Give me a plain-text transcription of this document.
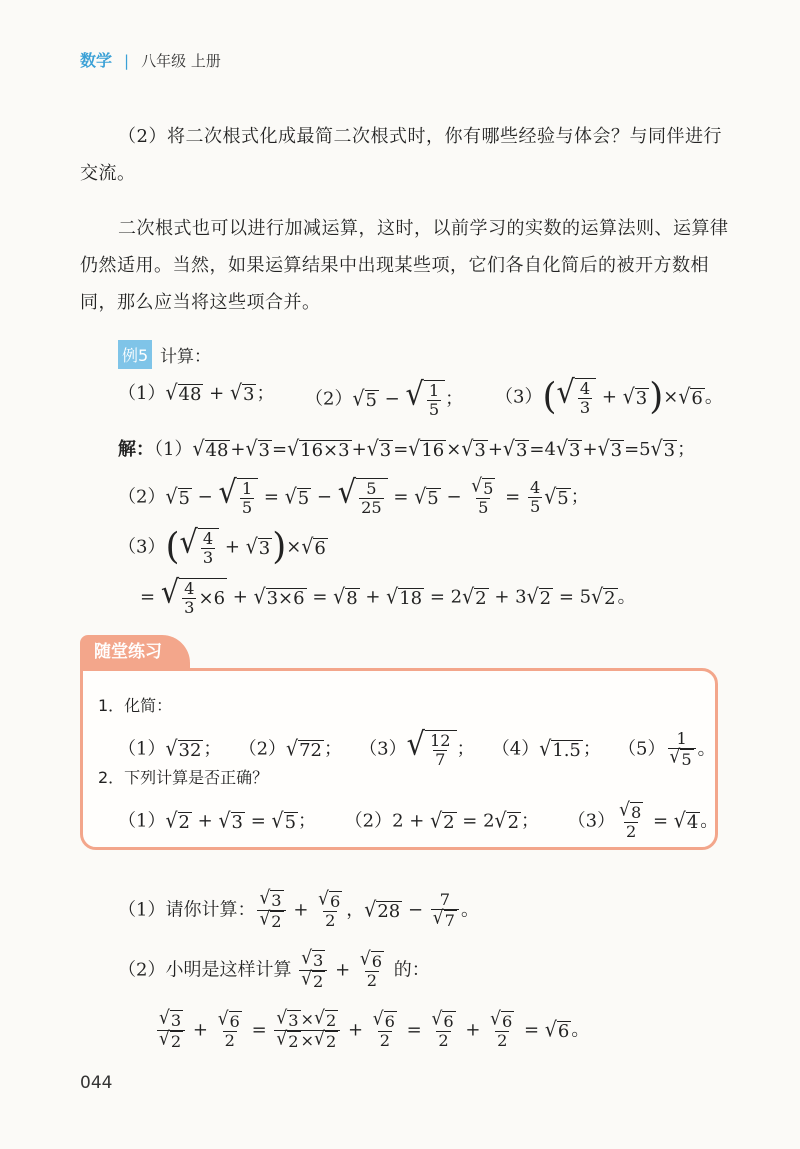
数学 | 八年级 上册
（2）将二次根式化成最简二次根式时，你有哪些经验与体会？与同伴进行交流。
二次根式也可以进行加减运算，这时，以前学习的实数的运算法则、运算律仍然适用。当然，如果运算结果中出现某些项，它们各自化简后的被开方数相同，那么应当将这些项合并。
例5 计算：
（1） √ 48 + √ 3 ； （2） √ 5 − √ $\frac{1}{5}$ ； （3）( √ $\frac{4}{3}$ + √ 3 )× √ 6 。
解：（1） √ 48 + √ 3 = √ 16×3 + √ 3 = √ 16 × √ 3 + √ 3 =4 √ 3 + √ 3 =5 √ 3 ；
（2） √ 5 − √ $\frac{1}{5}$ = √ 5 − √ $\frac{5}{25}$ = √ $5 - \frac{√ 5}{5} = \frac{4}{5}$ √ 5 ；
（3）( √ $\frac{4}{3}$ + √ 3 )× √ 6
= √ $\frac{4}{3} \times 6$ + √ 3×6 = √ 8 + √ 18 = 2 √ 2 + 3 √ 2 = 5 √ 2 。
随堂练习
1．化简：
（1） √ 32 ；   （2） √ 72 ；   （3） √ $\frac{12}{7}$ ；   （4） √ 1.5 ；   $(5) \frac{1}{√ 5}$ 。
2．下列计算是否正确？
（1） √ 2 + √ 3 = √ 5 ；     （2）2 + √ 2 = 2 √ 2 ；     $(3) \frac{√ 8}{2}$ = √ 4 。
（1）请你计算： $\frac{√ 3}{√ 2} + \frac{√ 6}{2}$ ， √ $28 - \frac{7}{√ 7}$ 。
（2）小明是这样计算 $\frac{√ 3}{√ 2} + \frac{√ 6}{2}$ 的：
$\frac{√ 3}{√ 2} + \frac{√ 6}{2} = \frac{√ 3 \times √ 2}{√ 2 \times √ 2} + \frac{√ 6}{2} = \frac{√ 6}{2} + \frac{√ 6}{2}$ = √ 6 。
044
